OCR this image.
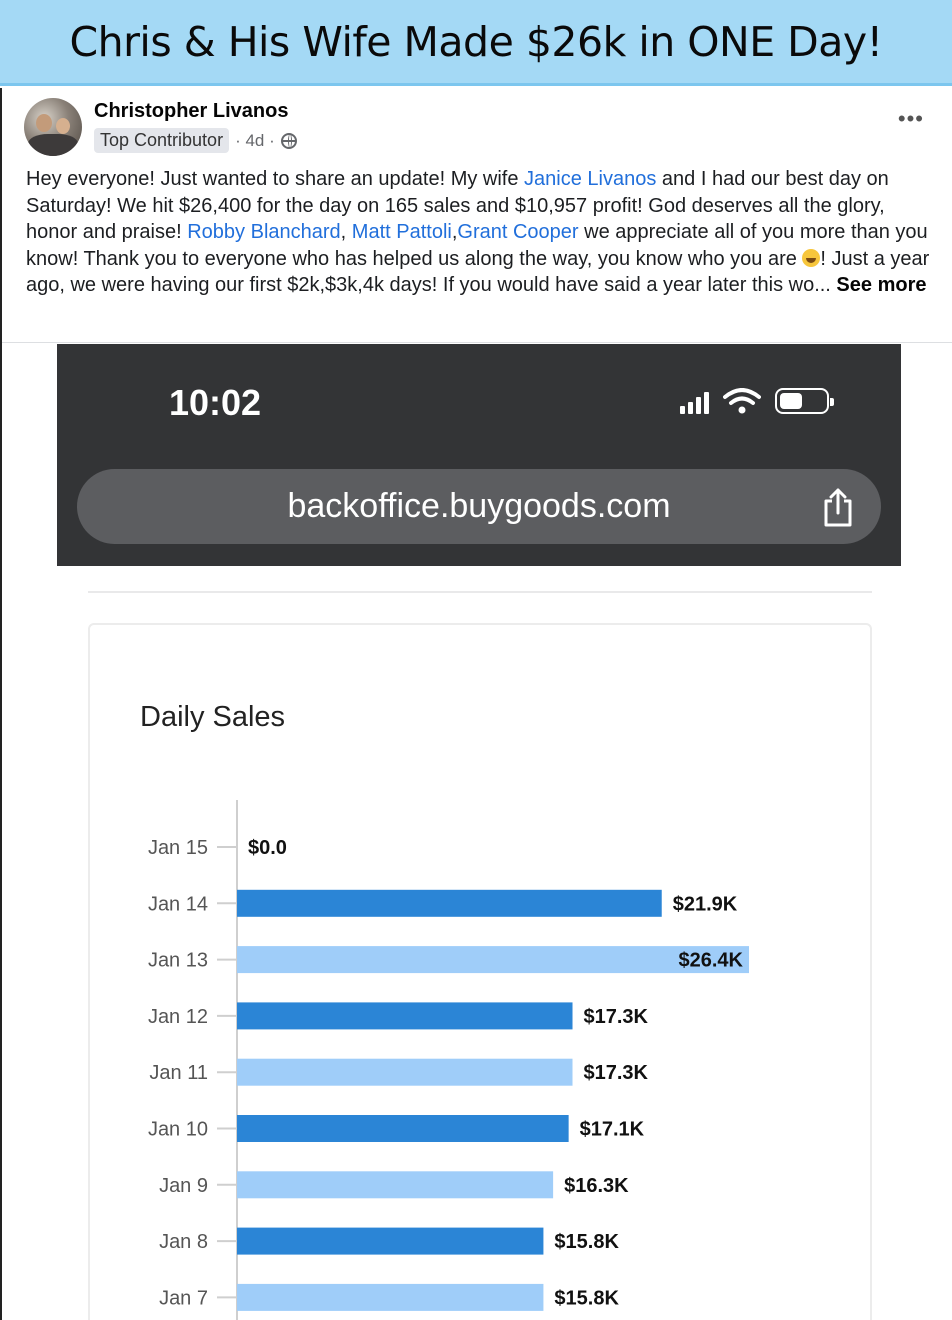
Chris & His Wife Made $26k in ONE Day!
Christopher Livanos
Top Contributor · 4d ·
•••
Hey everyone! Just wanted to share an update! My wife Janice Livanos and I had our best day on Saturday! We hit $26,400 for the day on 165 sales and $10,957 profit! God deserves all the glory, honor and praise! Robby Blanchard, Matt Pattoli,Grant Cooper we appreciate all of you more than you know! Thank you to everyone who has helped us along the way, you know who you are ! Just a year ago, we were having our first $2k,$3k,4k days! If you would have said a year later this wo... See more
10:02
backoffice.buygoods.com
Daily Sales
Jan 15 $0.0
Jan 14	$21.9K
Jan 13	$26.4K
Jan 12	$17.3K
Jan 11	$17.3K
Jan 10	$17.1K
Jan 9	$16.3K
Jan 8	$15.8K
Jan 7	$15.8K
